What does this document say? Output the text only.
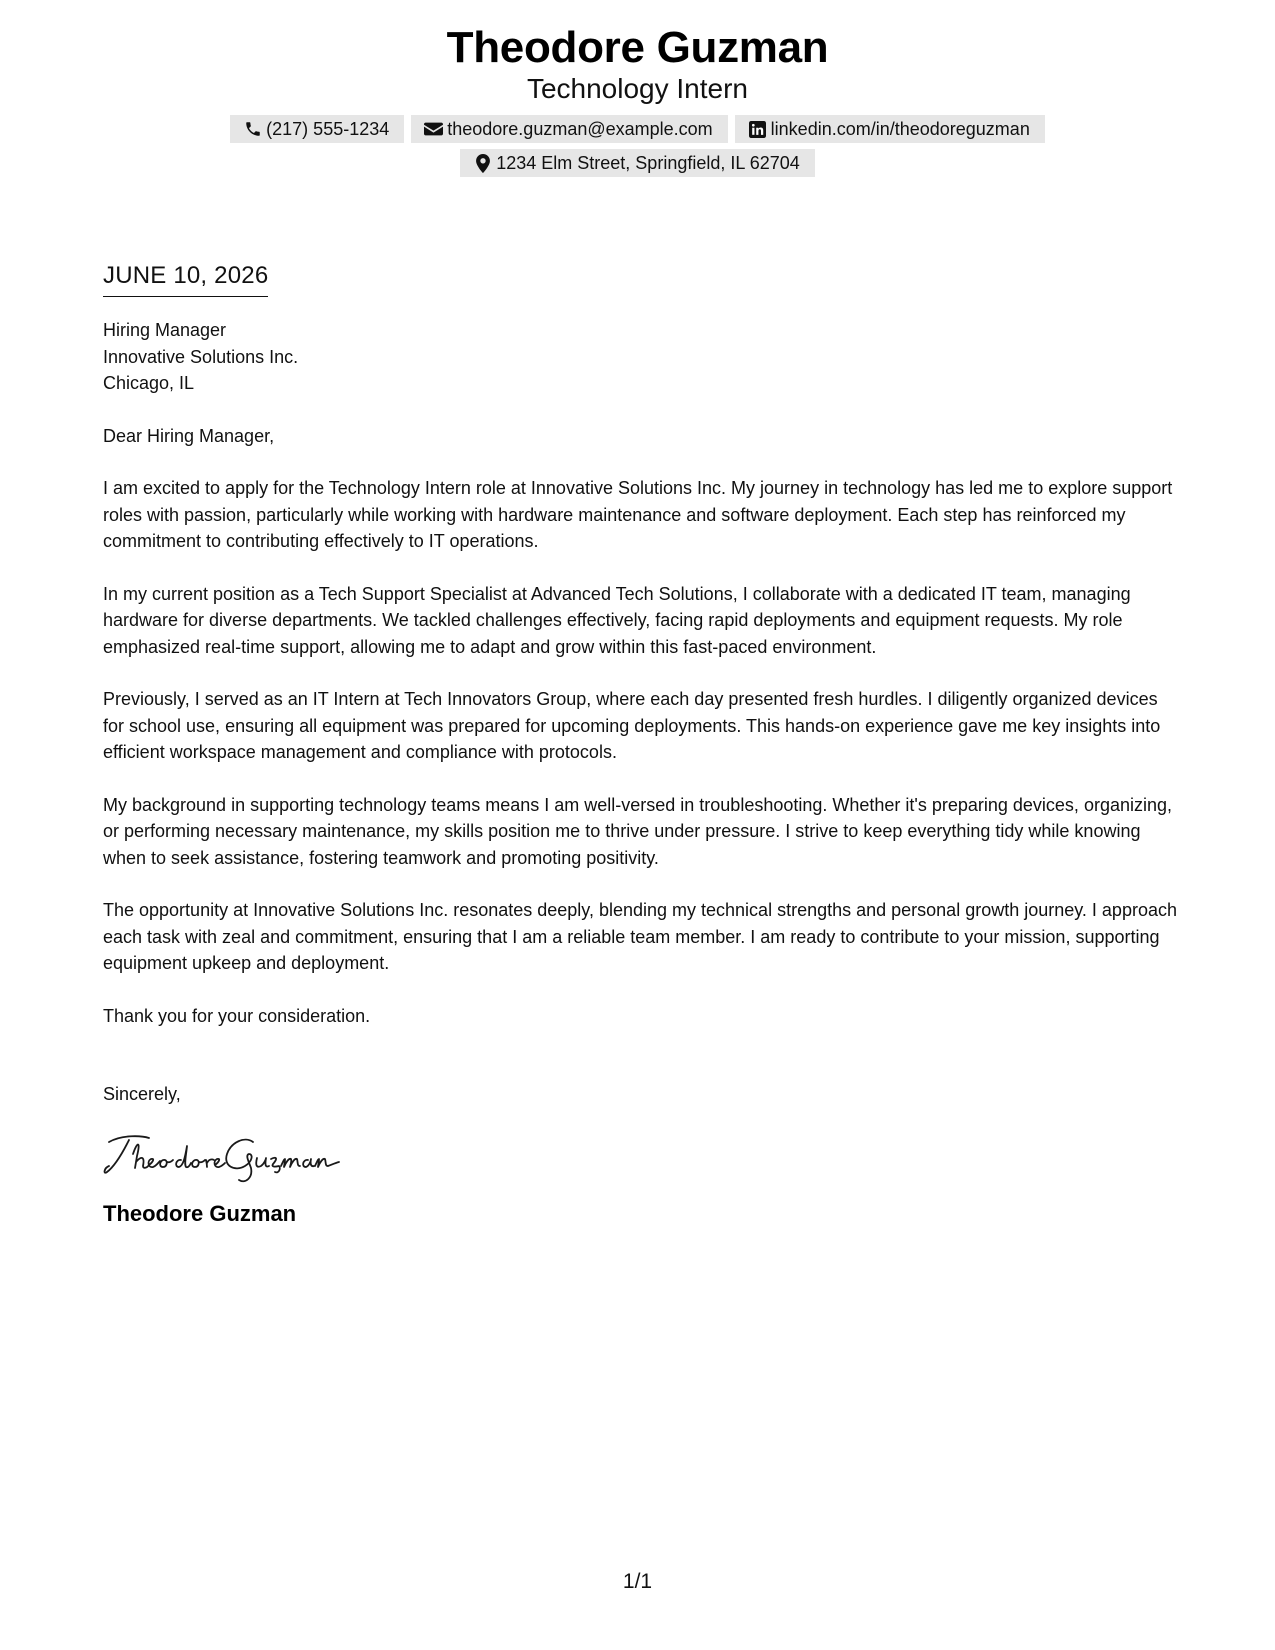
Theodore Guzman
Technology Intern
(217) 555-1234	theodore.guzman@example.com	linkedin.com/in/theodoreguzman
1234 Elm Street, Springfield, IL 62704
JUNE 10, 2026
Hiring Manager
Innovative Solutions Inc.
Chicago, IL
Dear Hiring Manager,
I am excited to apply for the Technology Intern role at Innovative Solutions Inc. My journey in technology has led me to explore support roles with passion, particularly while working with hardware maintenance and software deployment. Each step has reinforced my commitment to contributing effectively to IT operations.
In my current position as a Tech Support Specialist at Advanced Tech Solutions, I collaborate with a dedicated IT team, managing hardware for diverse departments. We tackled challenges effectively, facing rapid deployments and equipment requests. My role emphasized real-time support, allowing me to adapt and grow within this fast-paced environment.
Previously, I served as an IT Intern at Tech Innovators Group, where each day presented fresh hurdles. I diligently organized devices for school use, ensuring all equipment was prepared for upcoming deployments. This hands-on experience gave me key insights into efficient workspace management and compliance with protocols.
My background in supporting technology teams means I am well-versed in troubleshooting. Whether it's preparing devices, organizing, or performing necessary maintenance, my skills position me to thrive under pressure. I strive to keep everything tidy while knowing when to seek assistance, fostering teamwork and promoting positivity.
The opportunity at Innovative Solutions Inc. resonates deeply, blending my technical strengths and personal growth journey. I approach each task with zeal and commitment, ensuring that I am a reliable team member. I am ready to contribute to your mission, supporting equipment upkeep and deployment.
Thank you for your consideration.
Sincerely,
Theodore Guzman
1/1
